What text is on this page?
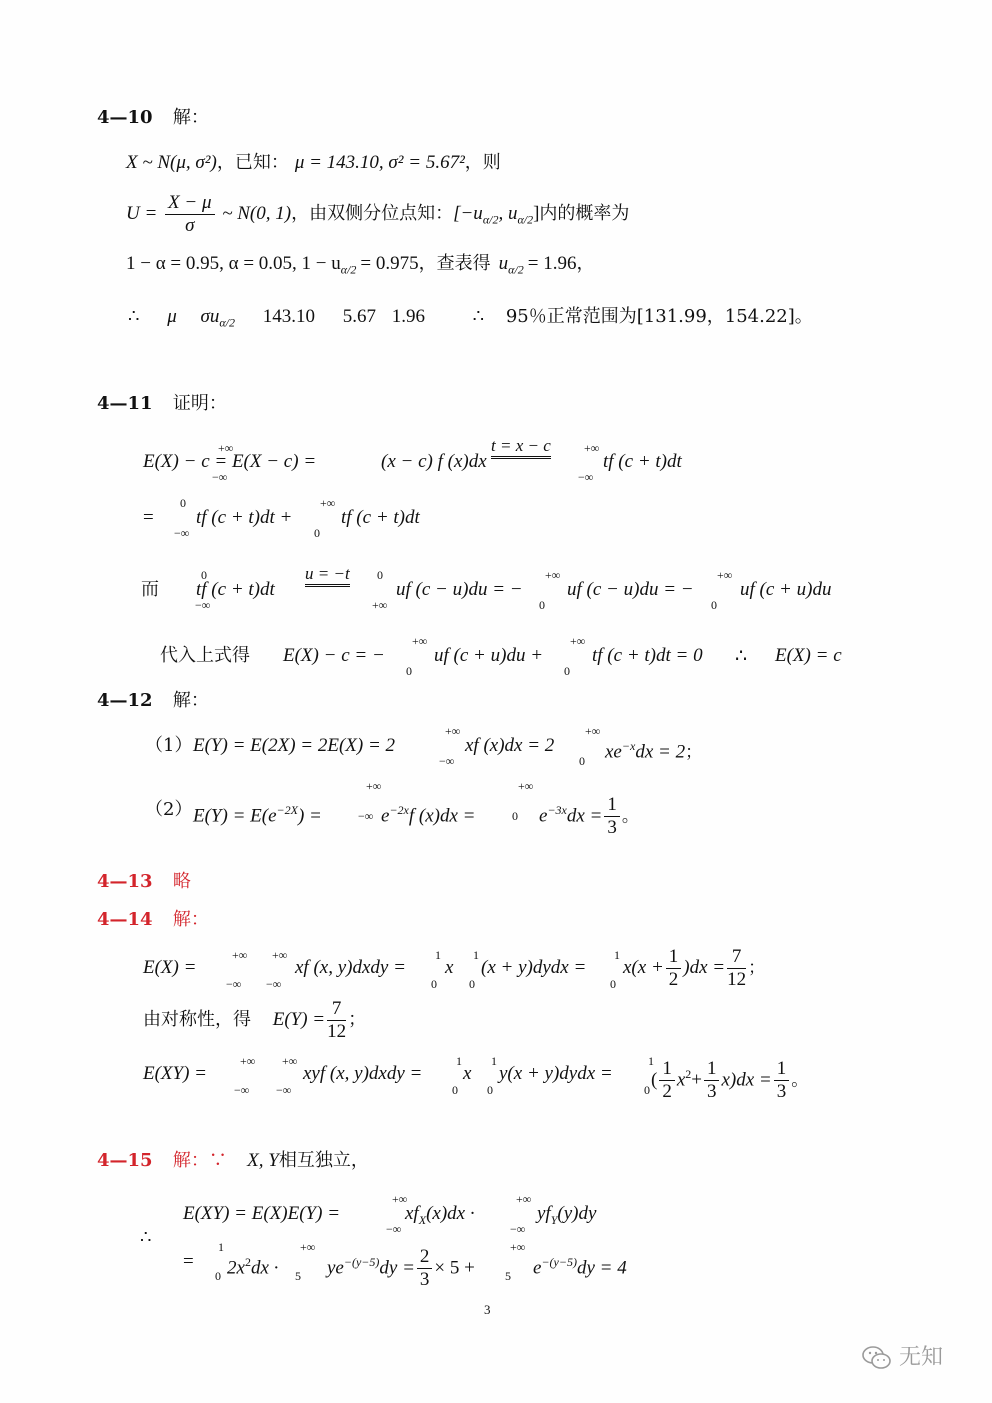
4—10 解：
X ~ N(μ, σ²)，已知： μ = 143.10, σ² = 5.67²，则
$U = \frac{X - \mu}{\sigma}$ ~ N(0, 1)，由双侧分位点知：[$-u_{\alpha/2}$, $u_{\alpha/2}$]内的概率为
1 − α = 0.95, α = 0.05, $1 - u_{\alpha/2} = 0.975$，查表得 $u_{\alpha/2} = 1.96$，
∴ μ $\sigma u_{\alpha/2}$ 143.10 5.67 1.96	∴ 95％正常范围为[131.99，154.22]。
4—11 证明：
E(X) − c = E(X − c) =	(x − c) f (x)dx
t = x − c
tf (c + t)dt
+∞
−∞
+∞
−∞
= tf (c + t)dt +	tf (c + t)dt
0
−∞
+∞
0
而 tf (c + t)dt
u = −t
uf (c − u)du = − uf (c − u)du = − uf (c + u)du
0
−∞
0
+∞
+∞
0
+∞
0
代入上式得 E(X) − c = −	uf (c + u)du +	tf (c + t)dt = 0 ∴ E(X) = c
+∞
0
+∞
0
4—12 解：
（1） E(Y) = E(2X) = 2E(X) = 2	xf (x)dx = 2	$xe^{-x}dx = 2$；
+∞
−∞
+∞
0
（2） $E(Y) = E(e^{-2X})$ =	$e^{-2x}f$ (x)dx =	$e^{-3x}dx = \frac{1}{3}$ 。
+∞
−∞
+∞
0
4—13 略
4—14 解：
E(X) =	xf (x, y)dxdy = x (x + y)dydx = $x(x + \frac{1}{2} )dx = \frac{7}{12}$ ；
+∞
−∞
+∞
−∞
1
0
1
0
1
0
由对称性，得 $E(Y) = \frac{7}{12}$ ；
E(XY) =	xyf (x, y)dxdy = x y(x + y)dydx = ( $\frac{1}{2} x^2+ \frac{1}{3} x)dx = \frac{1}{3}$ 。
+∞
−∞
+∞
−∞
1
0
1
0
1
0
4—15 解：∵ X, Y相互独立，
E(XY) = E(X)E(Y) =	$xf_X(x)dx$ ·	$yf_Y(y)dy$
+∞
−∞
+∞
−∞
∴
= $2x^2dx$ ·	$ye^{-(y-5)}dy = \frac{2}{3} \times 5$ +	$e^{-(y-5)}dy = 4$
1
0
+∞
5
+∞
5
3
无知
